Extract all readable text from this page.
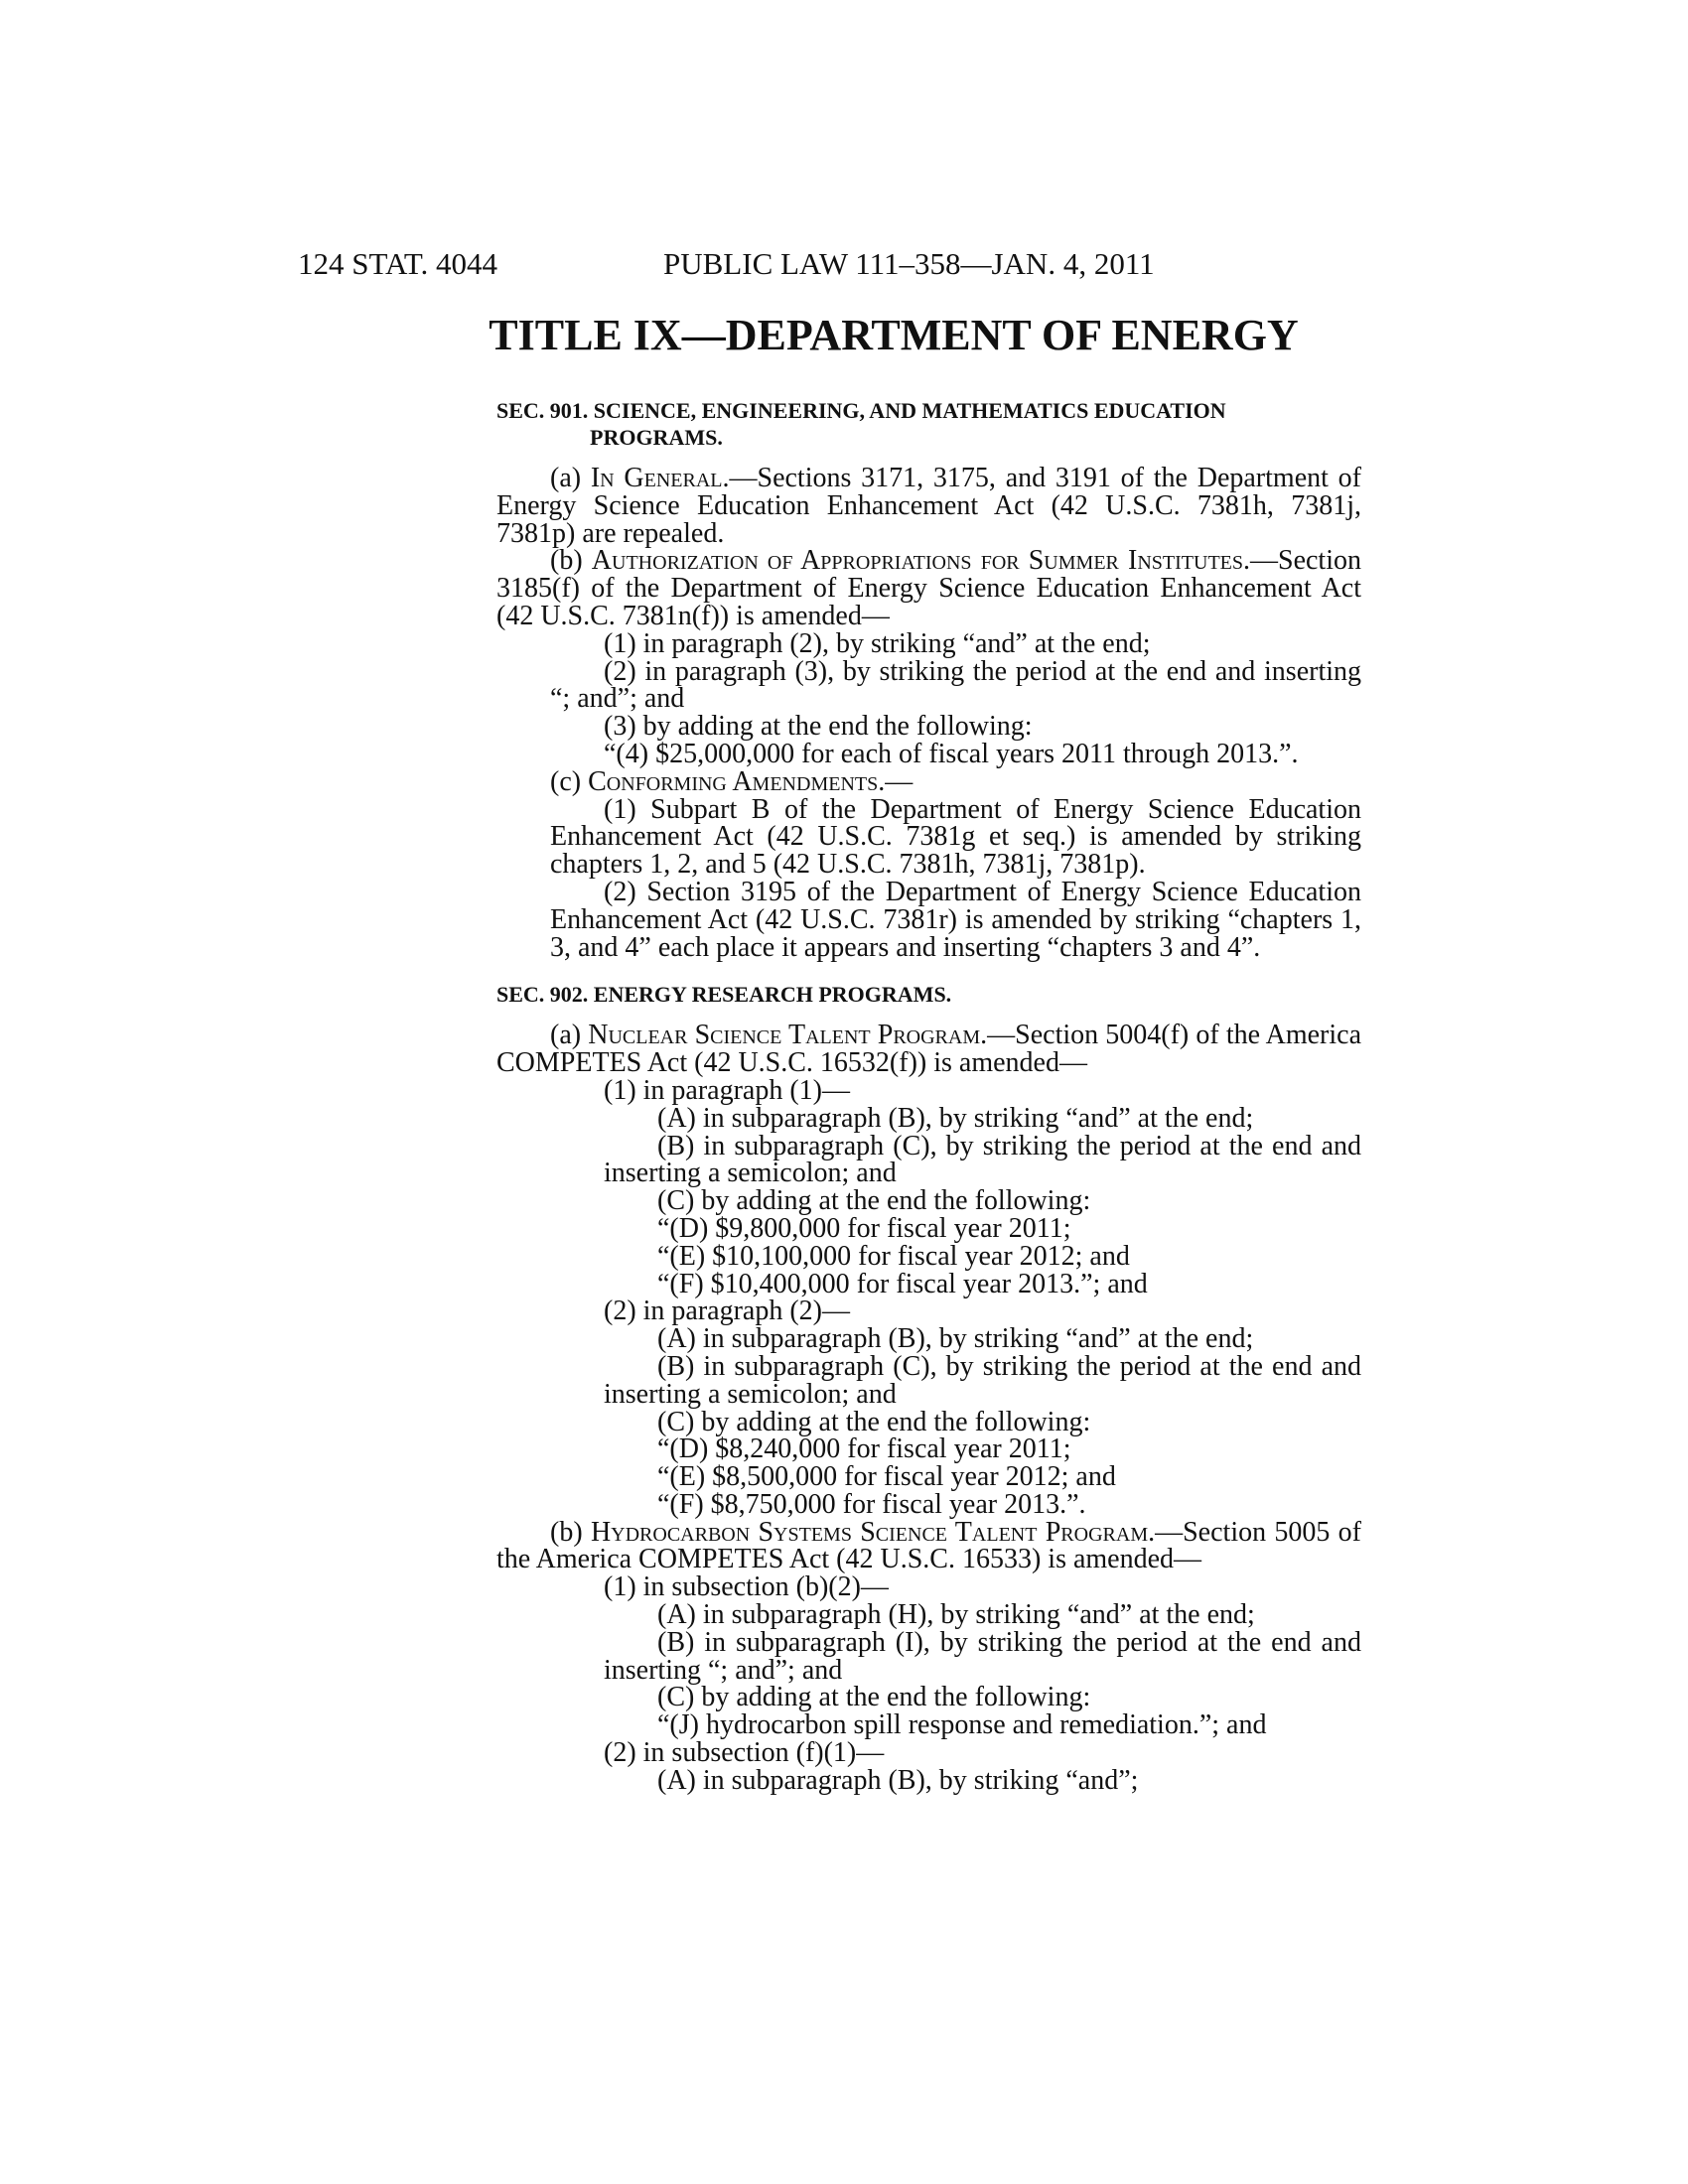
124 STAT. 4044	PUBLIC LAW 111–358—JAN. 4, 2011
TITLE IX—DEPARTMENT OF ENERGY
SEC. 901. SCIENCE, ENGINEERING, AND MATHEMATICS EDUCATION PROGRAMS.
(a) In General.—Sections 3171, 3175, and 3191 of the Department of Energy Science Education Enhancement Act (42 U.S.C. 7381h, 7381j, 7381p) are repealed.
(b) Authorization of Appropriations for Summer Institutes.—Section 3185(f) of the Department of Energy Science Education Enhancement Act (42 U.S.C. 7381n(f)) is amended—
(1) in paragraph (2), by striking “and” at the end;
(2) in paragraph (3), by striking the period at the end and inserting “; and”; and
(3) by adding at the end the following:
“(4) $25,000,000 for each of fiscal years 2011 through 2013.”.
(c) Conforming Amendments.—
(1) Subpart B of the Department of Energy Science Education Enhancement Act (42 U.S.C. 7381g et seq.) is amended by striking chapters 1, 2, and 5 (42 U.S.C. 7381h, 7381j, 7381p).
(2) Section 3195 of the Department of Energy Science Education Enhancement Act (42 U.S.C. 7381r) is amended by striking “chapters 1, 3, and 4” each place it appears and inserting “chapters 3 and 4”.
SEC. 902. ENERGY RESEARCH PROGRAMS.
(a) Nuclear Science Talent Program.—Section 5004(f) of the America COMPETES Act (42 U.S.C. 16532(f)) is amended—
(1) in paragraph (1)—
(A) in subparagraph (B), by striking “and” at the end;
(B) in subparagraph (C), by striking the period at the end and inserting a semicolon; and
(C) by adding at the end the following:
“(D) $9,800,000 for fiscal year 2011;
“(E) $10,100,000 for fiscal year 2012; and
“(F) $10,400,000 for fiscal year 2013.”; and
(2) in paragraph (2)—
(A) in subparagraph (B), by striking “and” at the end;
(B) in subparagraph (C), by striking the period at the end and inserting a semicolon; and
(C) by adding at the end the following:
“(D) $8,240,000 for fiscal year 2011;
“(E) $8,500,000 for fiscal year 2012; and
“(F) $8,750,000 for fiscal year 2013.”.
(b) Hydrocarbon Systems Science Talent Program.—Section 5005 of the America COMPETES Act (42 U.S.C. 16533) is amended—
(1) in subsection (b)(2)—
(A) in subparagraph (H), by striking “and” at the end;
(B) in subparagraph (I), by striking the period at the end and inserting “; and”; and
(C) by adding at the end the following:
“(J) hydrocarbon spill response and remediation.”; and
(2) in subsection (f)(1)—
(A) in subparagraph (B), by striking “and”;
